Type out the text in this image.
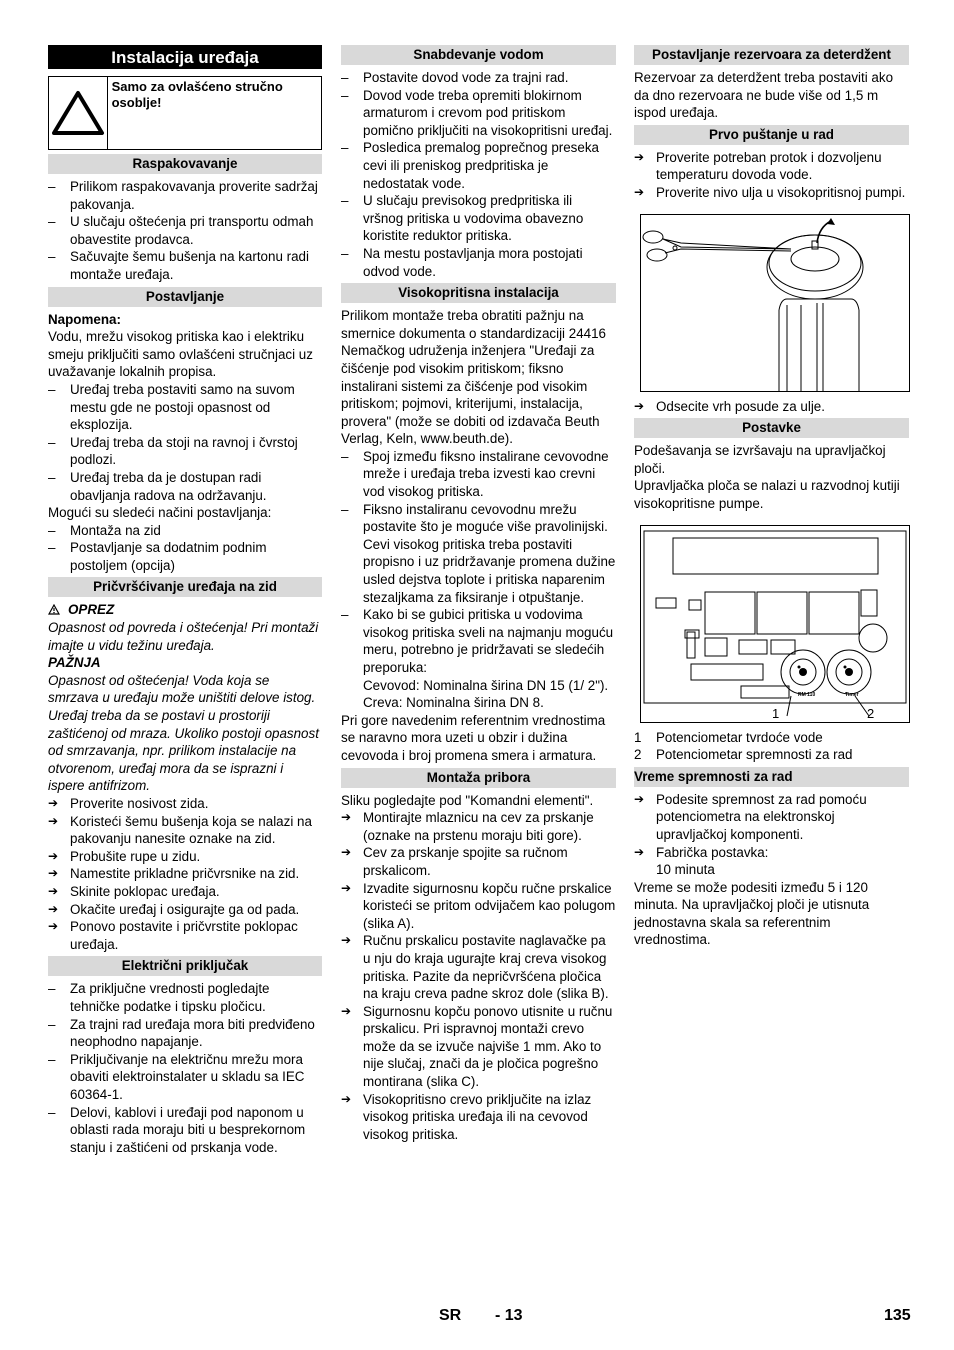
Instalacija uređaja
Samo za ovlašćeno stručno osoblje!
Raspakovavanje
– Prilikom raspakovavanja proverite sadržaj pakovanja.
– U slučaju oštećenja pri transportu odmah obavestite prodavca.
– Sačuvajte šemu bušenja na kartonu radi montaže uređaja.
Postavljanje

Napomena:

Vodu, mrežu visokog pritiska kao i elektriku smeju priključiti samo ovlašćeni stručnjaci uz uvažavanje lokalnih propisa.

– Uređaj treba postaviti samo na suvom mestu gde ne postoji opasnost od eksplozija.
– Uređaj treba da stoji na ravnoj i čvrstoj podlozi.
– Uređaj treba da je dostupan radi obavljanja radova na održavanju.

Mogući su sledeći načini postavljanja:

– Montaža na zid
– Postavljanje sa dodatnim podnim postoljem (opcija)
Pričvršćivanje uređaja na zid

OPREZ

Opasnost od povreda i oštećenja! Pri montaži imajte u vidu težinu uređaja.

PAŽNJA

Opasnost od oštećenja! Voda koja se smrzava u uređaju može uništiti delove istog.

Uređaj treba da se postavi u prostoriji zaštićenoj od mraza. Ukoliko postoji opasnost od smrzavanja, npr. prilikom instalacije na otvorenom, uređaj mora da se isprazni i ispere antifrizom.

➔ Proverite nosivost zida.
➔ Koristeći šemu bušenja koja se nalazi na pakovanju nanesite oznake na zid.
➔ Probušite rupe u zidu.
➔ Namestite prikladne pričvrsnike na zid.
➔ Skinite poklopac uređaja.
➔ Okačite uređaj i osigurajte ga od pada.
➔ Ponovo postavite i pričvrstite poklopac uređaja.
Električni priključak
– Za priključne vrednosti pogledajte tehničke podatke i tipsku pločicu.
– Za trajni rad uređaja mora biti predviđeno neophodno napajanje.
– Priključivanje na električnu mrežu mora obaviti elektroinstalater u skladu sa IEC 60364-1.
– Delovi, kablovi i uređaji pod naponom u oblasti rada moraju biti u besprekornom stanju i zaštićeni od prskanja vode.
Snabdevanje vodom
– Postavite dovod vode za trajni rad.
– Dovod vode treba opremiti blokirnom armaturom i crevom pod pritiskom pomično priključiti na visokopritisni uređaj.
– Posledica premalog poprečnog preseka cevi ili preniskog predpritiska je nedostatak vode.
– U slučaju previsokog predpritiska ili vršnog pritiska u vodovima obavezno koristite reduktor pritiska.
– Na mestu postavljanja mora postojati odvod vode.
Visokopritisna instalacija

Prilikom montaže treba obratiti pažnju na smernice dokumenta o standardizaciji 24416 Nemačkog udruženja inženjera "Uređaji za čišćenje pod visokim pritiskom; fiksno instalirani sistemi za čišćenje pod visokim pritiskom; pojmovi, kriterijumi, instalacija, provera" (može se dobiti od izdavača Beuth Verlag, Keln, www.beuth.de).

– Spoj između fiksno instalirane cevovodne mreže i uređaja treba izvesti kao crevni vod visokog pritiska.
– Fiksno instaliranu cevovodnu mrežu postavite što je moguće više pravolinijski. Cevi visokog pritiska treba postaviti propisno i uz pridržavanje promena dužine usled dejstva toplote i pritiska naparenim stezaljkama za fiksiranje i otpuštanje.
– Kako bi se gubici pritiska u vodovima visokog pritiska sveli na najmanju moguću meru, potrebno je pridržavati se sledećih preporuka:
Cevovod: Nominalna širina DN 15 (1/ 2").
Creva: Nominalna širina DN 8.

Pri gore navedenim referentnim vrednostima se naravno mora uzeti u obzir i dužina cevovoda i broj promena smera i armatura.

Montaža pribora

Sliku pogledajte pod "Komandni elementi".

➔ Montirajte mlaznicu na cev za prskanje (oznake na prstenu moraju biti gore).
➔ Cev za prskanje spojite sa ručnom prskalicom.
➔ Izvadite sigurnosnu kopču ručne prskalice koristeći se pritom odvijačem kao polugom (slika A).
➔ Ručnu prskalicu postavite naglavačke pa u nju do kraja ugurajte kraj creva visokog pritiska. Pazite da nepričvršćena pločica na kraju creva padne skroz dole (slika B).
➔ Sigurnosnu kopču ponovo utisnite u ručnu prskalicu. Pri ispravnoj montaži crevo može da se izvuče najviše 1 mm. Ako to nije slučaj, znači da je pločica pogrešno montirana (slika C).
➔ Visokopritisno crevo priključite na izlaz visokog pritiska uređaja ili na cevovod visokog pritiska.
Postavljanje rezervoara za deterdžent

Rezervoar za deterdžent treba postaviti ako da dno rezervoara ne bude više od 1,5 m ispod uređaja.

Prvo puštanje u rad
➔ Proverite potreban protok i dozvoljenu temperaturu dovoda vode.
➔ Proverite nivo ulja u visokopritisnoj pumpi.
➔ Odsecite vrh posude za ulje.
Postavke

Podešavanja se izvršavaju na upravljačkoj ploči.

Upravljačka ploča se nalazi u razvodnoj kutiji visokopritisne pumpe.

RM 110	Timer
1	2
1	Potenciometar tvrdoće vode
2	Potenciometar spremnosti za rad
Vreme spremnosti za rad
➔ Podesite spremnost za rad pomoću potenciometra na elektronskoj upravljačkoj komponenti.
➔ Fabrička postavka:
10 minuta

Vreme se može podesiti između 5 i 120 minuta. Na upravljačkoj ploči je utisnuta jednostavna skala sa referentnim vrednostima.

SR - 13	135
